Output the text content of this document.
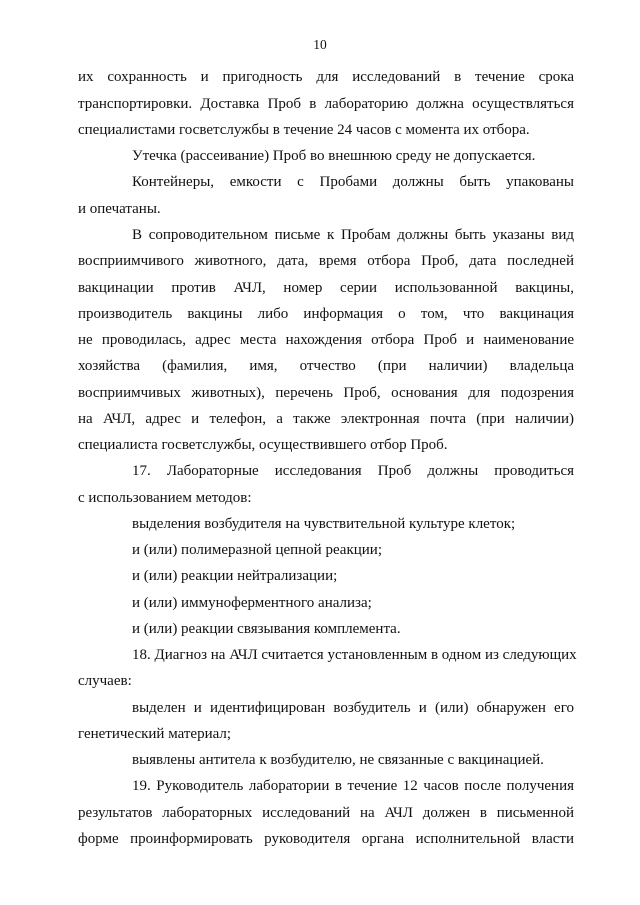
10
их сохранность и пригодность для исследований в течение срока
транспортировки. Доставка Проб в лабораторию должна осуществляться
специалистами госветслужбы в течение 24 часов с момента их отбора.
Утечка (рассеивание) Проб во внешнюю среду не допускается.
Контейнеры, емкости с Пробами должны быть упакованы
и опечатаны.
В сопроводительном письме к Пробам должны быть указаны вид
восприимчивого животного, дата, время отбора Проб, дата последней
вакцинации против АЧЛ, номер серии использованной вакцины,
производитель вакцины либо информация о том, что вакцинация
не проводилась, адрес места нахождения отбора Проб и наименование
хозяйства (фамилия, имя, отчество (при наличии) владельца
восприимчивых животных), перечень Проб, основания для подозрения
на АЧЛ, адрес и телефон, а также электронная почта (при наличии)
специалиста госветслужбы, осуществившего отбор Проб.
17. Лабораторные исследования Проб должны проводиться
с использованием методов:
выделения возбудителя на чувствительной культуре клеток;
и (или) полимеразной цепной реакции;
и (или) реакции нейтрализации;
и (или) иммуноферментного анализа;
и (или) реакции связывания комплемента.
18. Диагноз на АЧЛ считается установленным в одном из следующих
случаев:
выделен и идентифицирован возбудитель и (или) обнаружен его
генетический материал;
выявлены антитела к возбудителю, не связанные с вакцинацией.
19. Руководитель лаборатории в течение 12 часов после получения
результатов лабораторных исследований на АЧЛ должен в письменной
форме проинформировать руководителя органа исполнительной власти
